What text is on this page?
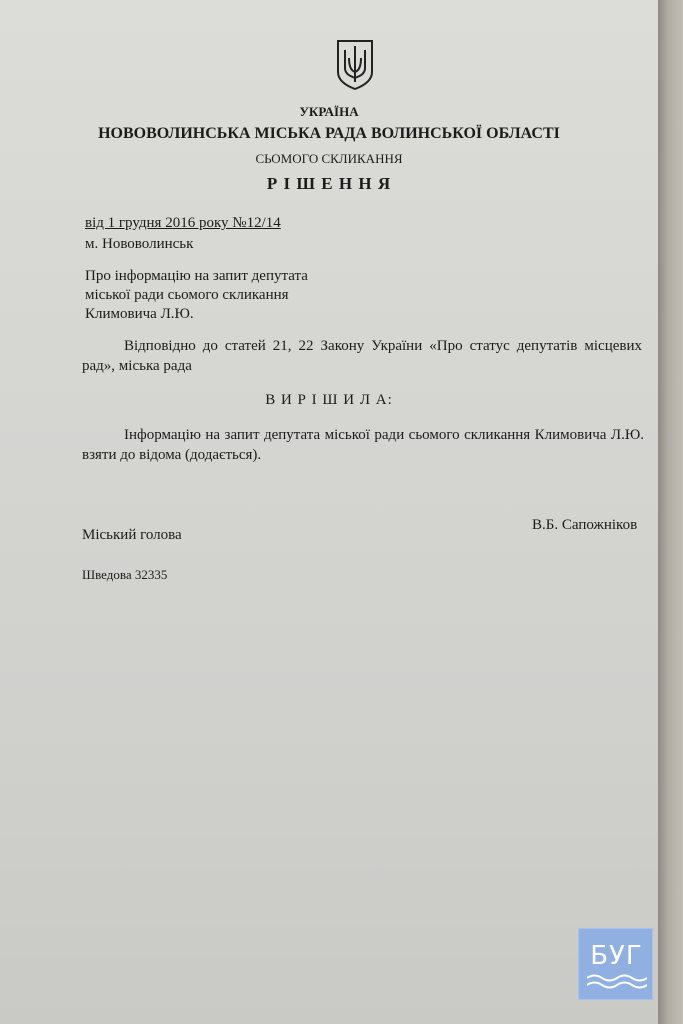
УКРАЇНА
НОВОВОЛИНСЬКА МІСЬКА РАДА ВОЛИНСЬКОЇ ОБЛАСТІ
СЬОМОГО СКЛИКАННЯ
Р І Ш Е Н Н Я
від 1 грудня 2016 року №12/14
м. Нововолинськ
Про інформацію на запит депутата
міської ради сьомого скликання
Климовича Л.Ю.
Відповідно до статей 21, 22 Закону України «Про статус депутатів місцевих рад», міська рада
В И Р І Ш И Л А:
Інформацію на запит депутата міської ради сьомого скликання Климовича Л.Ю. взяти до відома (додається).
В.Б. Сапожніков
Міський голова
Шведова 32335
БУГ
